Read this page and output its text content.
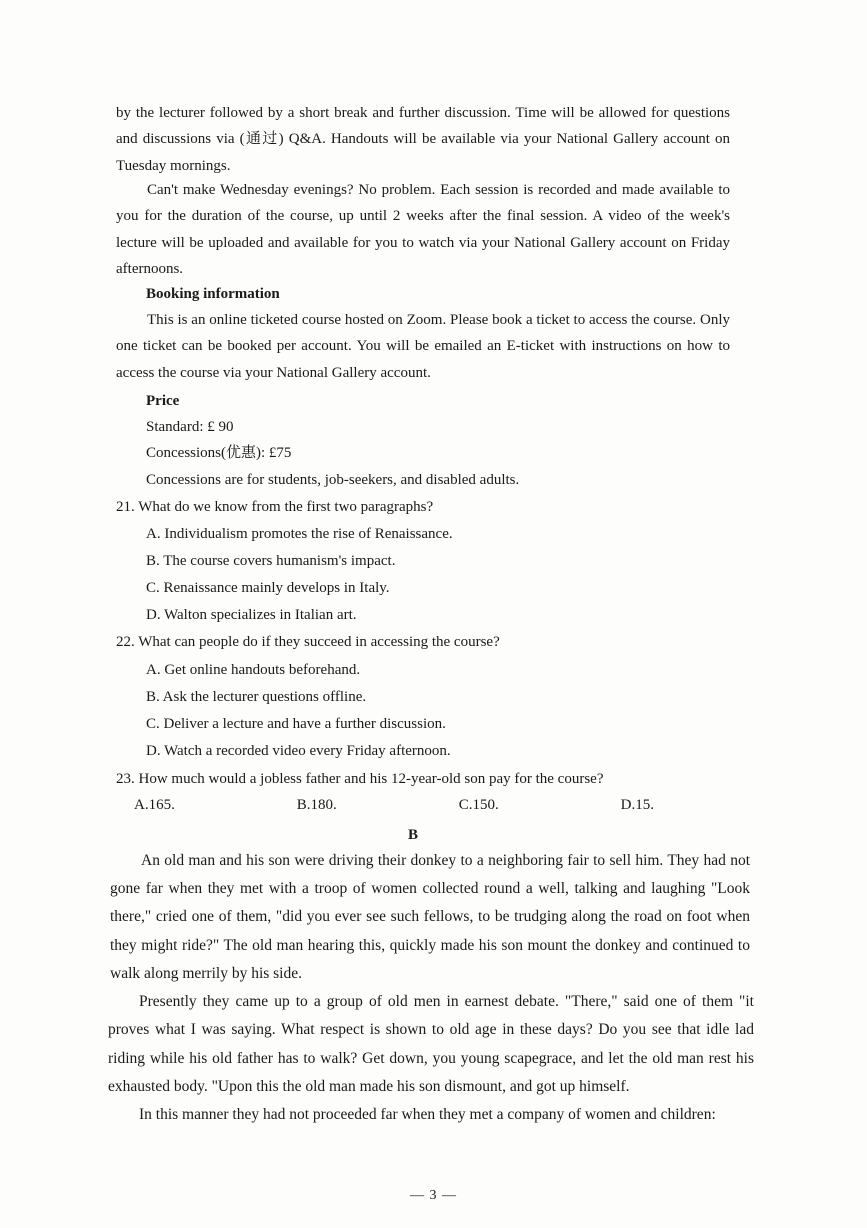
by the lecturer followed by a short break and further discussion. Time will be allowed for questions and discussions via (通过) Q&A. Handouts will be available via your National Gallery account on Tuesday mornings.

Can't make Wednesday evenings? No problem. Each session is recorded and made available to you for the duration of the course, up until 2 weeks after the final session. A video of the week's lecture will be uploaded and available for you to watch via your National Gallery account on Friday afternoons.

Booking information

This is an online ticketed course hosted on Zoom. Please book a ticket to access the course. Only one ticket can be booked per account. You will be emailed an E-ticket with instructions on how to access the course via your National Gallery account.

Price
Standard: £ 90
Concessions(优惠): £75
Concessions are for students, job-seekers, and disabled adults.
21. What do we know from the first two paragraphs?
A. Individualism promotes the rise of Renaissance.
B. The course covers humanism's impact.
C. Renaissance mainly develops in Italy.
D. Walton specializes in Italian art.
22. What can people do if they succeed in accessing the course?
A. Get online handouts beforehand.
B. Ask the lecturer questions offline.
C. Deliver a lecture and have a further discussion.
D. Watch a recorded video every Friday afternoon.
23. How much would a jobless father and his 12-year-old son pay for the course?
A.165.	B.180.	C.150.	D.15.
B

An old man and his son were driving their donkey to a neighboring fair to sell him. They had not gone far when they met with a troop of women collected round a well, talking and laughing "Look there," cried one of them, "did you ever see such fellows, to be trudging along the road on foot when they might ride?" The old man hearing this, quickly made his son mount the donkey and continued to walk along merrily by his side.

Presently they came up to a group of old men in earnest debate. "There," said one of them "it proves what I was saying. What respect is shown to old age in these days? Do you see that idle lad riding while his old father has to walk? Get down, you young scapegrace, and let the old man rest his exhausted body. "Upon this the old man made his son dismount, and got up himself.

In this manner they had not proceeded far when they met a company of women and children:

— 3 —
